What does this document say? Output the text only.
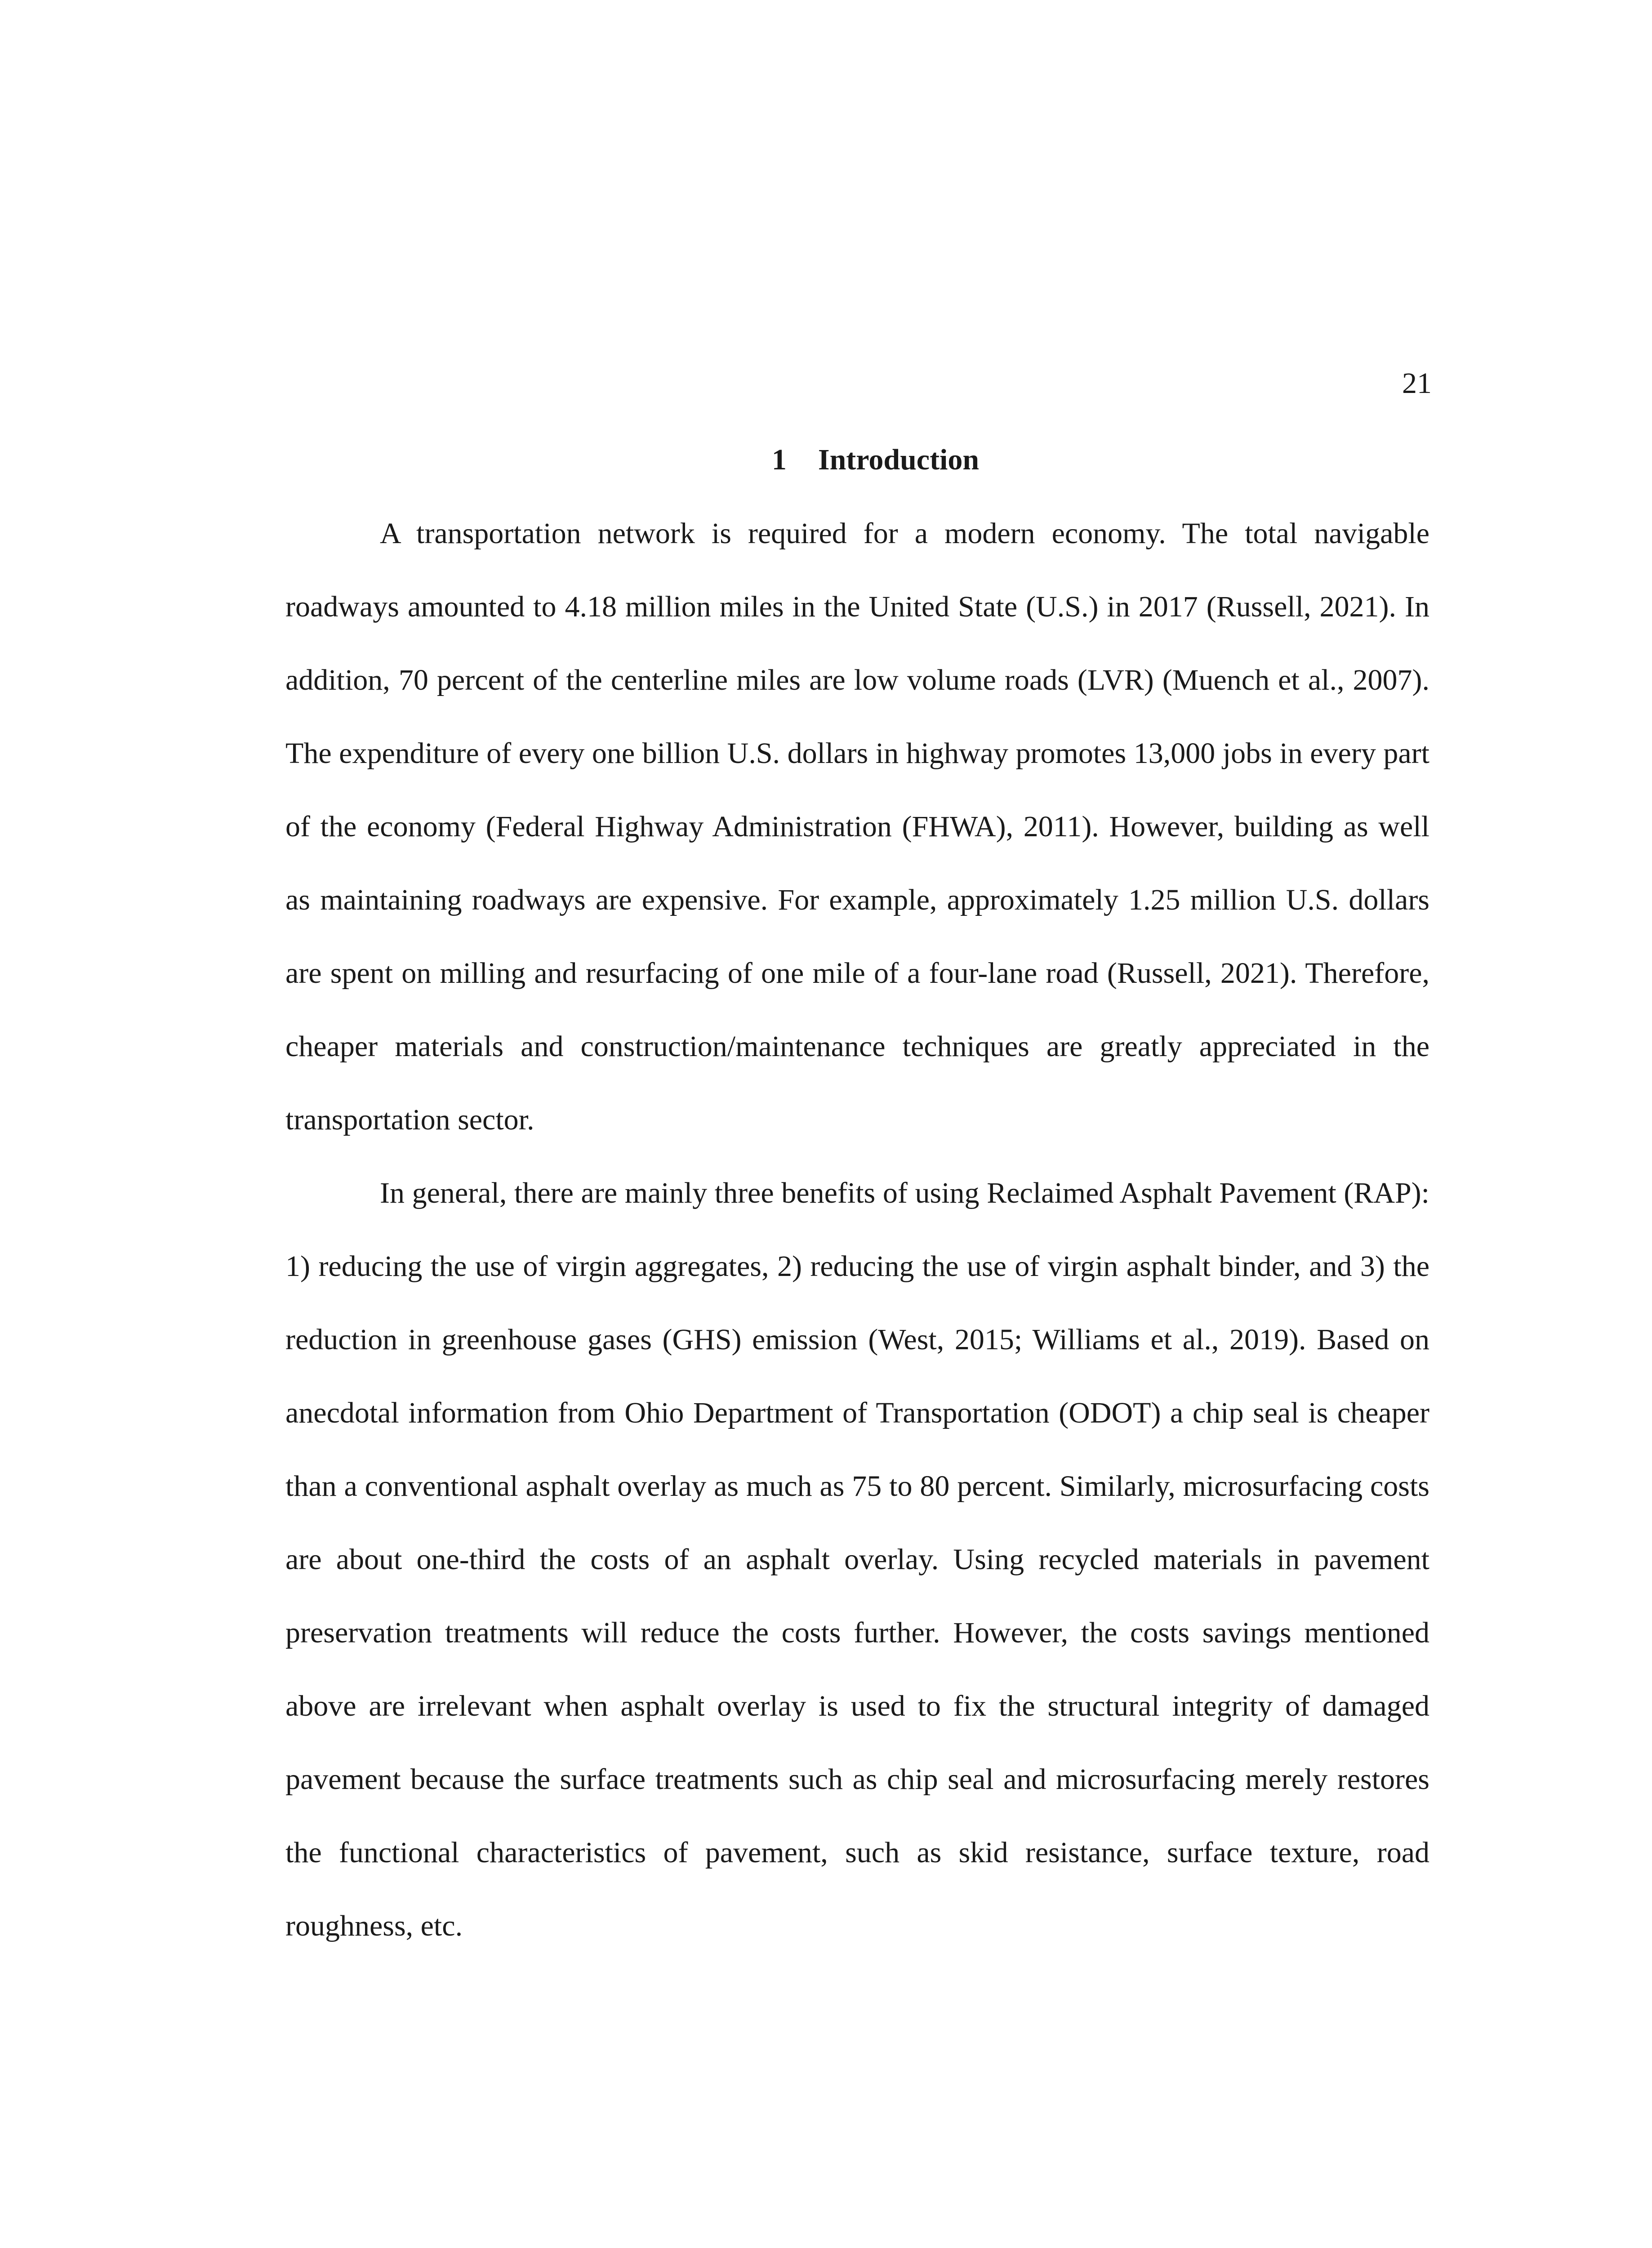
21
1 Introduction

A transportation network is required for a modern economy. The total navigable roadways amounted to 4.18 million miles in the United State (U.S.) in 2017 (Russell, 2021). In addition, 70 percent of the centerline miles are low volume roads (LVR) (Muench et al., 2007). The expenditure of every one billion U.S. dollars in highway promotes 13,000 jobs in every part of the economy (Federal Highway Administration (FHWA), 2011). However, building as well as maintaining roadways are expensive. For example, approximately 1.25 million U.S. dollars are spent on milling and resurfacing of one mile of a four-lane road (Russell, 2021). Therefore, cheaper materials and construction/maintenance techniques are greatly appreciated in the transportation sector.

In general, there are mainly three benefits of using Reclaimed Asphalt Pavement (RAP): 1) reducing the use of virgin aggregates, 2) reducing the use of virgin asphalt binder, and 3) the reduction in greenhouse gases (GHS) emission (West, 2015; Williams et al., 2019). Based on anecdotal information from Ohio Department of Transportation (ODOT) a chip seal is cheaper than a conventional asphalt overlay as much as 75 to 80 percent. Similarly, microsurfacing costs are about one-third the costs of an asphalt overlay. Using recycled materials in pavement preservation treatments will reduce the costs further. However, the costs savings mentioned above are irrelevant when asphalt overlay is used to fix the structural integrity of damaged pavement because the surface treatments such as chip seal and microsurfacing merely restores the functional characteristics of pavement, such as skid resistance, surface texture, road roughness, etc.
